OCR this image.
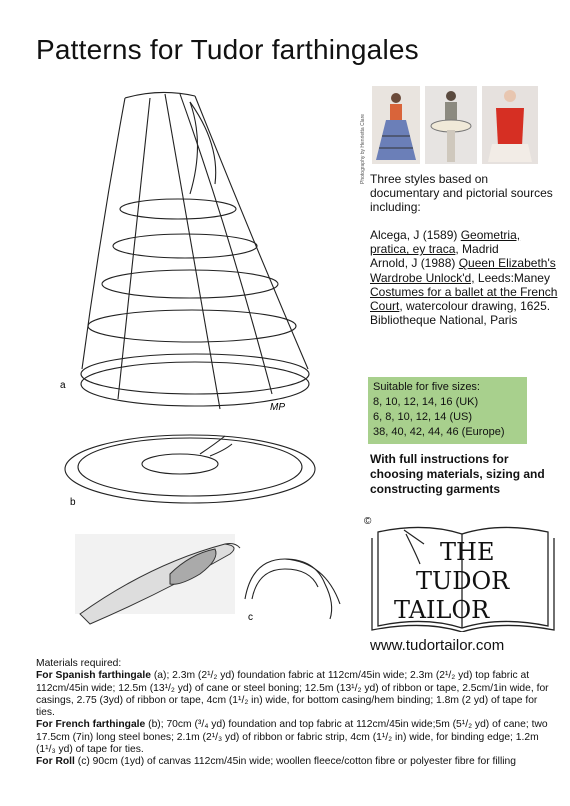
Patterns for Tudor farthingales
a
MP
b
c
Photography by Henrietta Clare Three styles based on documentary and pictorial sources including:
Alcega, J (1589) Geometria, pratica, ey traca, Madrid
Arnold, J (1988) Queen Elizabeth's Wardrobe Unlock'd, Leeds:Maney
Costumes for a ballet at the French Court, watercolour drawing, 1625. Bibliotheque National, Paris
Suitable for five sizes:
8, 10, 12, 14, 16 (UK)
6, 8, 10, 12, 14 (US)
38, 40, 42, 44, 46 (Europe)
With full instructions for choosing materials, sizing and constructing garments
©
THE
TUDOR
TAILOR
www.tudortailor.com

Materials required:

For Spanish farthingale (a); 2.3m (2¹/₂ yd) foundation fabric at 112cm/45in wide; 2.3m (2¹/₂ yd) top fabric at 112cm/45in wide; 12.5m (13¹/₂ yd) of cane or steel boning; 12.5m (13¹/₂ yd) of ribbon or tape, 2.5cm/1in wide, for casings, 2.75 (3yd) of ribbon or tape, 4cm (1¹/₂ in) wide, for bottom casing/hem binding; 1.8m (2 yd) of tape for ties.

For French farthingale (b); 70cm (³/₄ yd) foundation and top fabric at 112cm/45in wide;5m (5¹/₂ yd) of cane; two 17.5cm (7in) long steel bones; 2.1m (2¹/₃ yd) of ribbon or fabric strip, 4cm (1¹/₂ in) wide, for binding edge; 1.2m (1¹/₃ yd) of tape for ties.

For Roll (c) 90cm (1yd) of canvas 112cm/45in wide; woollen fleece/cotton fibre or polyester fibre for filling
